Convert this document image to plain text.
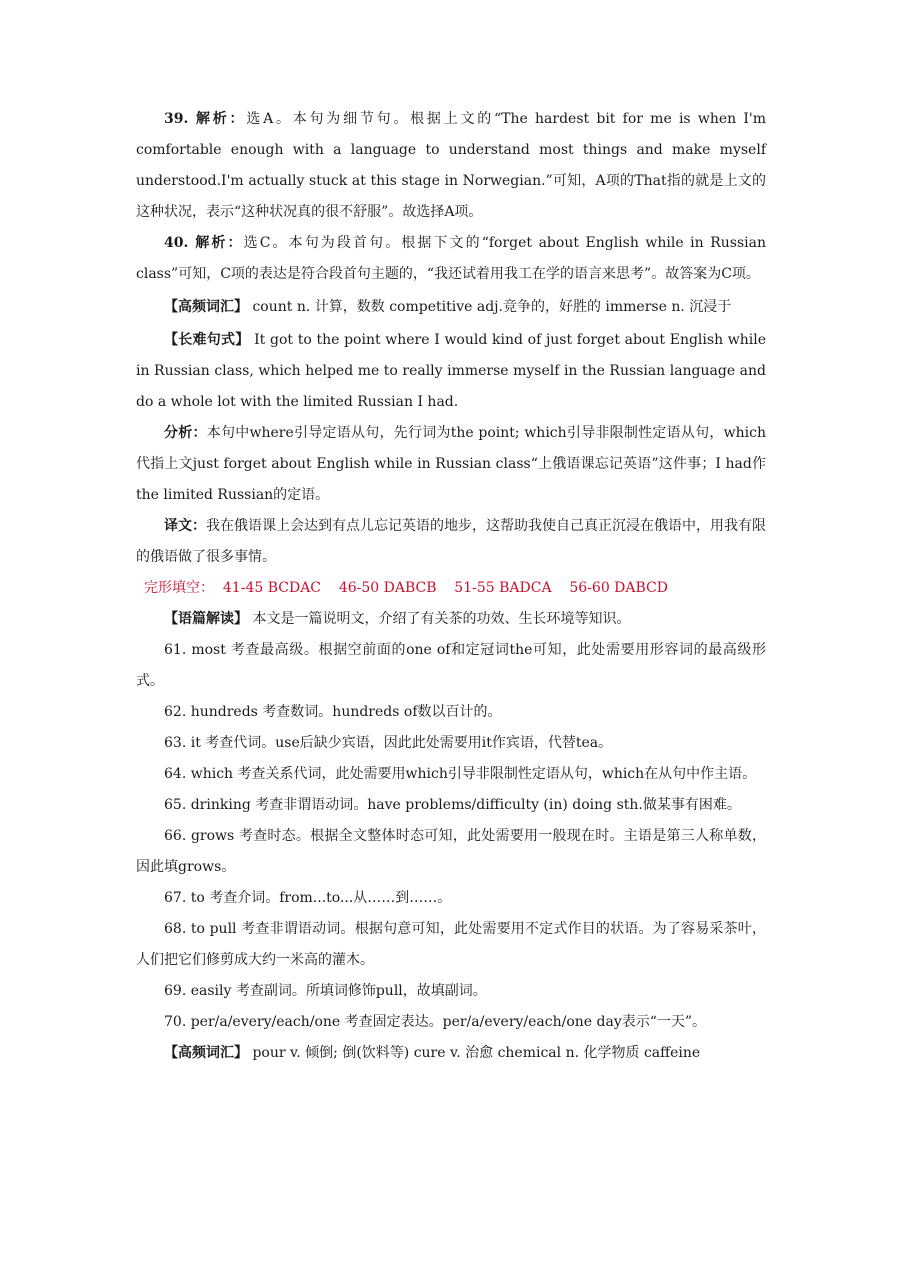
39. 解析：选A。本句为细节句。根据上文的“The hardest bit for me is when I'm comfortable enough with a language to understand most things and make myself understood.I'm actually stuck at this stage in Norwegian.”可知，A项的That指的就是上文的这种状况，表示“这种状况真的很不舒服”。故选择A项。

40. 解析：选C。本句为段首句。根据下文的“forget about English while in Russian class”可知，C项的表达是符合段首句主题的，“我还试着用我工在学的语言来思考”。故答案为C项。

【高频词汇】 count n. 计算，数数 competitive adj.竞争的，好胜的 immerse n. 沉浸于

【长难句式】 It got to the point where I would kind of just forget about English while in Russian class, which helped me to really immerse myself in the Russian language and do a whole lot with the limited Russian I had.

分析：本句中where引导定语从句，先行词为the point; which引导非限制性定语从句，which代指上文just forget about English while in Russian class“上俄语课忘记英语”这件事；I had作the limited Russian的定语。

译文：我在俄语课上会达到有点儿忘记英语的地步，这帮助我使自己真正沉浸在俄语中，用我有限的俄语做了很多事情。

完形填空：  41-45 BCDAC    46-50 DABCB    51-55 BADCA    56-60 DABCD

【语篇解读】 本文是一篇说明文，介绍了有关茶的功效、生长环境等知识。

61. most 考查最高级。根据空前面的one of和定冠词the可知，此处需要用形容词的最高级形式。

62. hundreds 考查数词。hundreds of数以百计的。

63. it 考查代词。use后缺少宾语，因此此处需要用it作宾语，代替tea。

64. which 考查关系代词，此处需要用which引导非限制性定语从句，which在从句中作主语。

65. drinking 考查非谓语动词。have problems/difficulty (in) doing sth.做某事有困难。

66. grows 考查时态。根据全文整体时态可知，此处需要用一般现在时。主语是第三人称单数，因此填grows。

67. to 考查介词。from...to...从……到……。

68. to pull 考查非谓语动词。根据句意可知，此处需要用不定式作目的状语。为了容易采茶叶，人们把它们修剪成大约一米高的灌木。

69. easily 考查副词。所填词修饰pull，故填副词。

70. per/a/every/each/one 考查固定表达。per/a/every/each/one day表示“一天”。

【高频词汇】 pour v. 倾倒; 倒(饮料等) cure v. 治愈 chemical n. 化学物质 caffeine
